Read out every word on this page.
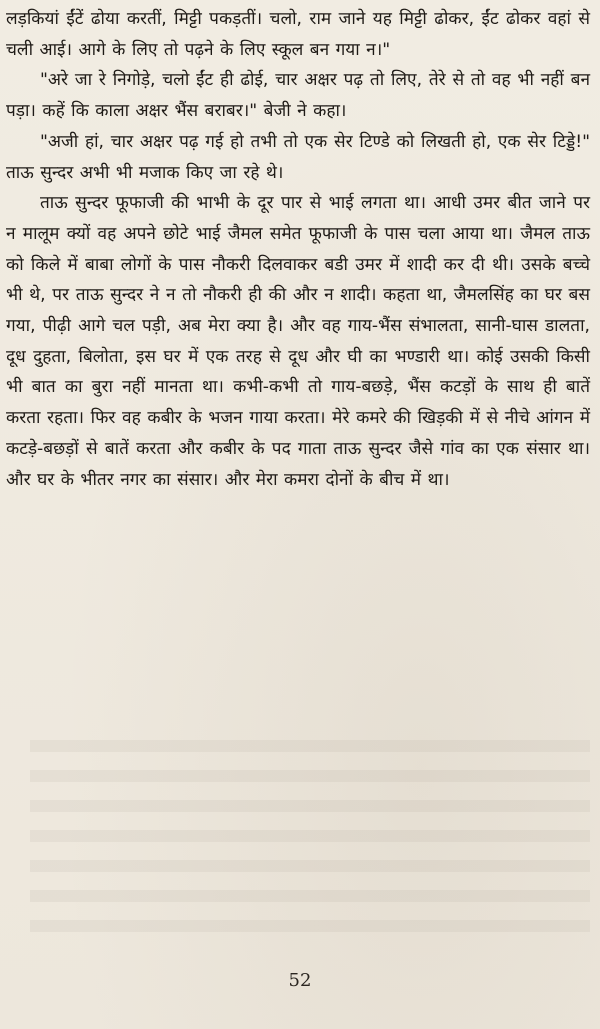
लड़कियां ईंटें ढोया करतीं, मिट्टी पकड़तीं। चलो, राम जाने यह मिट्टी ढोकर, ईंट ढोकर वहां से चली आई। आगे के लिए तो पढ़ने के लिए स्कूल बन गया न।"

"अरे जा रे निगोड़े, चलो ईंट ही ढोई, चार अक्षर पढ़ तो लिए, तेरे से तो वह भी नहीं बन पड़ा। कहें कि काला अक्षर भैंस बराबर।" बेजी ने कहा।

"अजी हां, चार अक्षर पढ़ गई हो तभी तो एक सेर टिण्डे को लिखती हो, एक सेर टिड्डे!" ताऊ सुन्दर अभी भी मजाक किए जा रहे थे।

ताऊ सुन्दर फूफाजी की भाभी के दूर पार से भाई लगता था। आधी उमर बीत जाने पर न मालूम क्यों वह अपने छोटे भाई जैमल समेत फूफाजी के पास चला आया था। जैमल ताऊ को किले में बाबा लोगों के पास नौकरी दिलवाकर बडी उमर में शादी कर दी थी। उसके बच्चे भी थे, पर ताऊ सुन्दर ने न तो नौकरी ही की और न शादी। कहता था, जैमलसिंह का घर बस गया, पीढ़ी आगे चल पड़ी, अब मेरा क्या है। और वह गाय-भैंस संभालता, सानी-घास डालता, दूध दुहता, बिलोता, इस घर में एक तरह से दूध और घी का भण्डारी था। कोई उसकी किसी भी बात का बुरा नहीं मानता था। कभी-कभी तो गाय-बछड़े, भैंस कटड़ों के साथ ही बातें करता रहता। फिर वह कबीर के भजन गाया करता। मेरे कमरे की खिड़की में से नीचे आंगन में कटड़े-बछड़ों से बातें करता और कबीर के पद गाता ताऊ सुन्दर जैसे गांव का एक संसार था। और घर के भीतर नगर का संसार। और मेरा कमरा दोनों के बीच में था।

52
